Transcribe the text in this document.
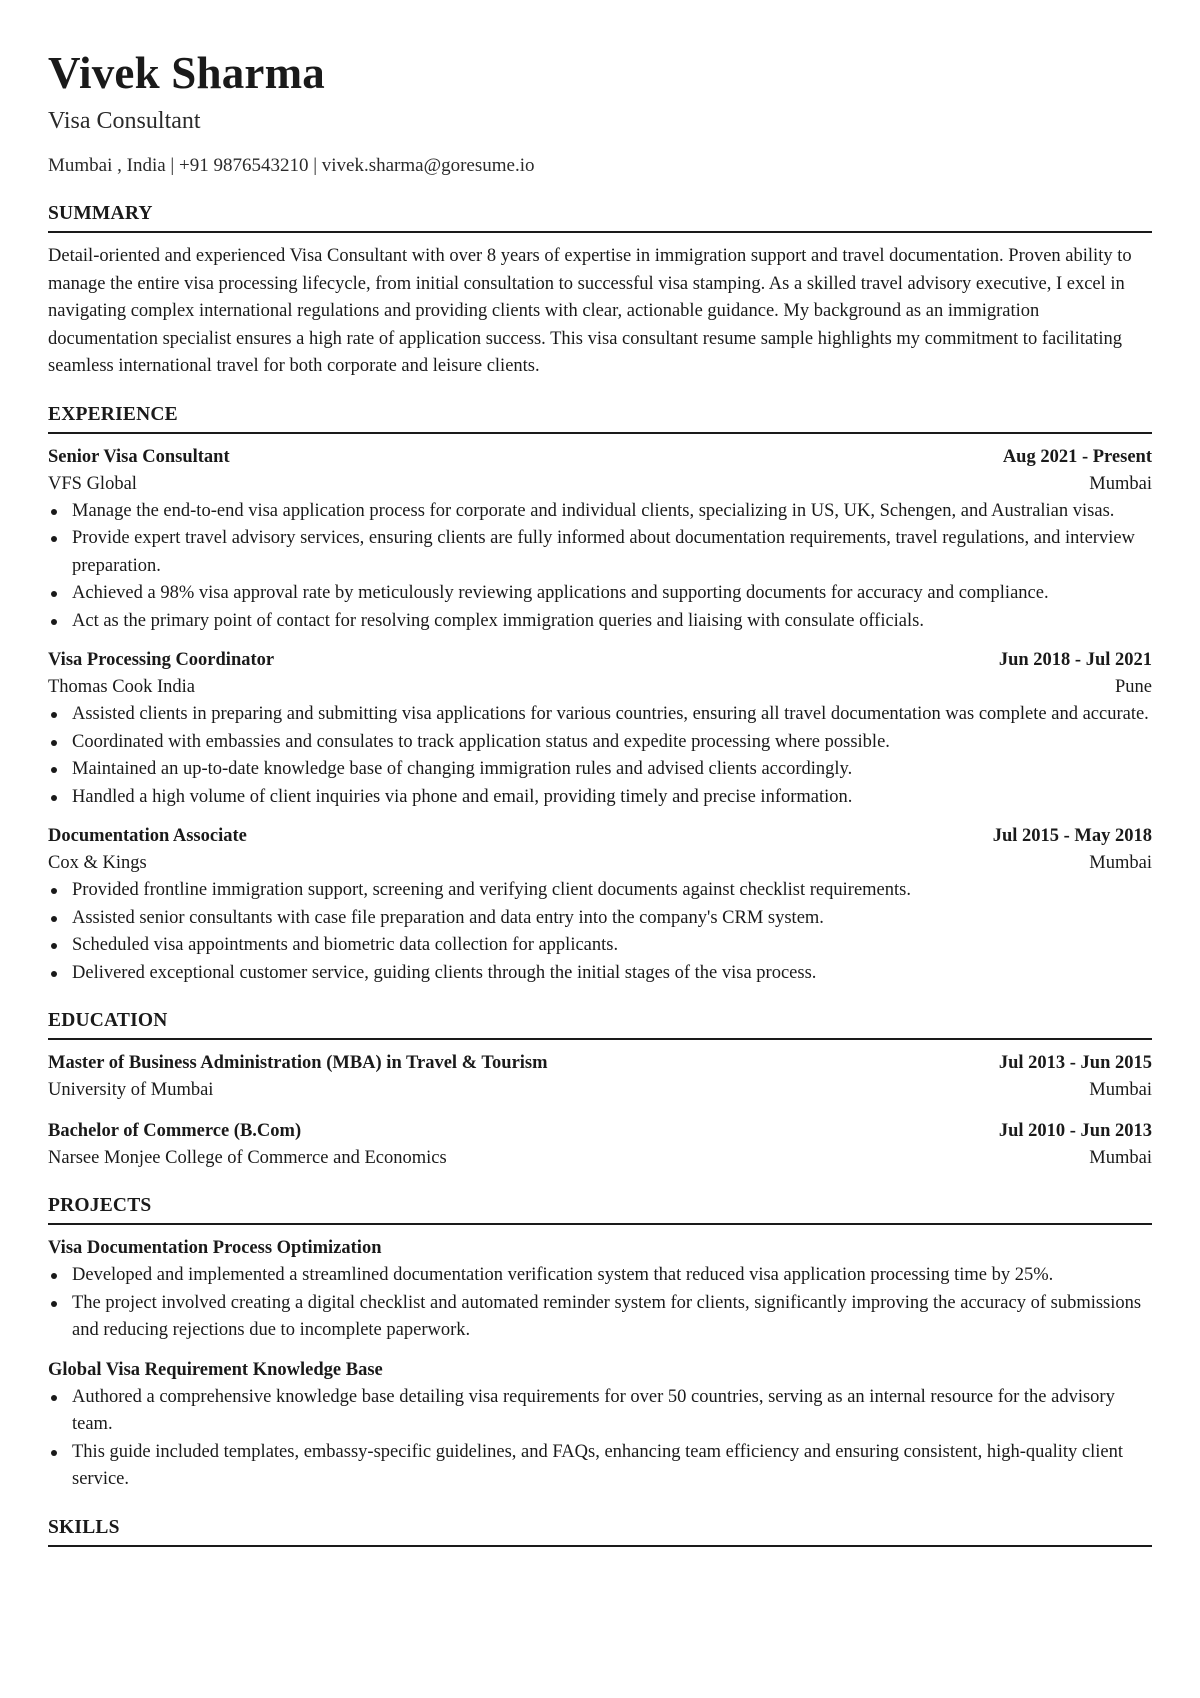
Vivek Sharma
Visa Consultant
Mumbai , India | +91 9876543210 | vivek.sharma@goresume.io
SUMMARY

Detail-oriented and experienced Visa Consultant with over 8 years of expertise in immigration support and travel documentation. Proven ability to manage the entire visa processing lifecycle, from initial consultation to successful visa stamping. As a skilled travel advisory executive, I excel in navigating complex international regulations and providing clients with clear, actionable guidance. My background as an immigration documentation specialist ensures a high rate of application success. This visa consultant resume sample highlights my commitment to facilitating seamless international travel for both corporate and leisure clients.

EXPERIENCE
Senior Visa Consultant	Aug 2021 - Present
VFS Global	Mumbai
Manage the end-to-end visa application process for corporate and individual clients, specializing in US, UK, Schengen, and Australian visas.
Provide expert travel advisory services, ensuring clients are fully informed about documentation requirements, travel regulations, and interview preparation.
Achieved a 98% visa approval rate by meticulously reviewing applications and supporting documents for accuracy and compliance.
Act as the primary point of contact for resolving complex immigration queries and liaising with consulate officials.
Visa Processing Coordinator	Jun 2018 - Jul 2021
Thomas Cook India	Pune
Assisted clients in preparing and submitting visa applications for various countries, ensuring all travel documentation was complete and accurate.
Coordinated with embassies and consulates to track application status and expedite processing where possible.
Maintained an up-to-date knowledge base of changing immigration rules and advised clients accordingly.
Handled a high volume of client inquiries via phone and email, providing timely and precise information.
Documentation Associate	Jul 2015 - May 2018
Cox & Kings	Mumbai
Provided frontline immigration support, screening and verifying client documents against checklist requirements.
Assisted senior consultants with case file preparation and data entry into the company's CRM system.
Scheduled visa appointments and biometric data collection for applicants.
Delivered exceptional customer service, guiding clients through the initial stages of the visa process.
EDUCATION
Master of Business Administration (MBA) in Travel & Tourism	Jul 2013 - Jun 2015
University of Mumbai	Mumbai
Bachelor of Commerce (B.Com)	Jul 2010 - Jun 2013
Narsee Monjee College of Commerce and Economics	Mumbai
PROJECTS
Visa Documentation Process Optimization
Developed and implemented a streamlined documentation verification system that reduced visa application processing time by 25%.
The project involved creating a digital checklist and automated reminder system for clients, significantly improving the accuracy of submissions and reducing rejections due to incomplete paperwork.
Global Visa Requirement Knowledge Base
Authored a comprehensive knowledge base detailing visa requirements for over 50 countries, serving as an internal resource for the advisory team.
This guide included templates, embassy-specific guidelines, and FAQs, enhancing team efficiency and ensuring consistent, high-quality client service.
SKILLS
